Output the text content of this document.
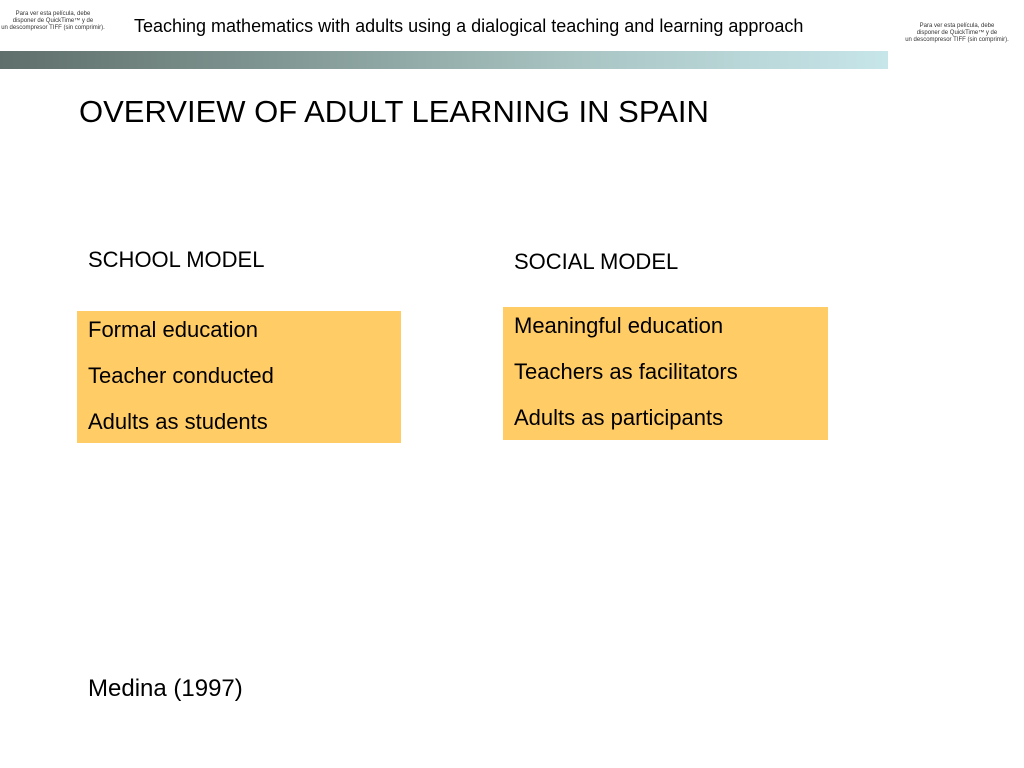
Para ver esta película, debe
disponer de QuickTime™ y de
un descompresor TIFF (sin comprimir). Teaching mathematics with adults using a dialogical teaching and learning approach	Para ver esta película, debe
disponer de QuickTime™ y de
un descompresor TIFF (sin comprimir).
OVERVIEW OF ADULT LEARNING IN SPAIN
SCHOOL MODEL	SOCIAL MODEL
Formal education
Teacher conducted
Adults as students
Meaningful education
Teachers as facilitators
Adults as participants
Medina (1997)
